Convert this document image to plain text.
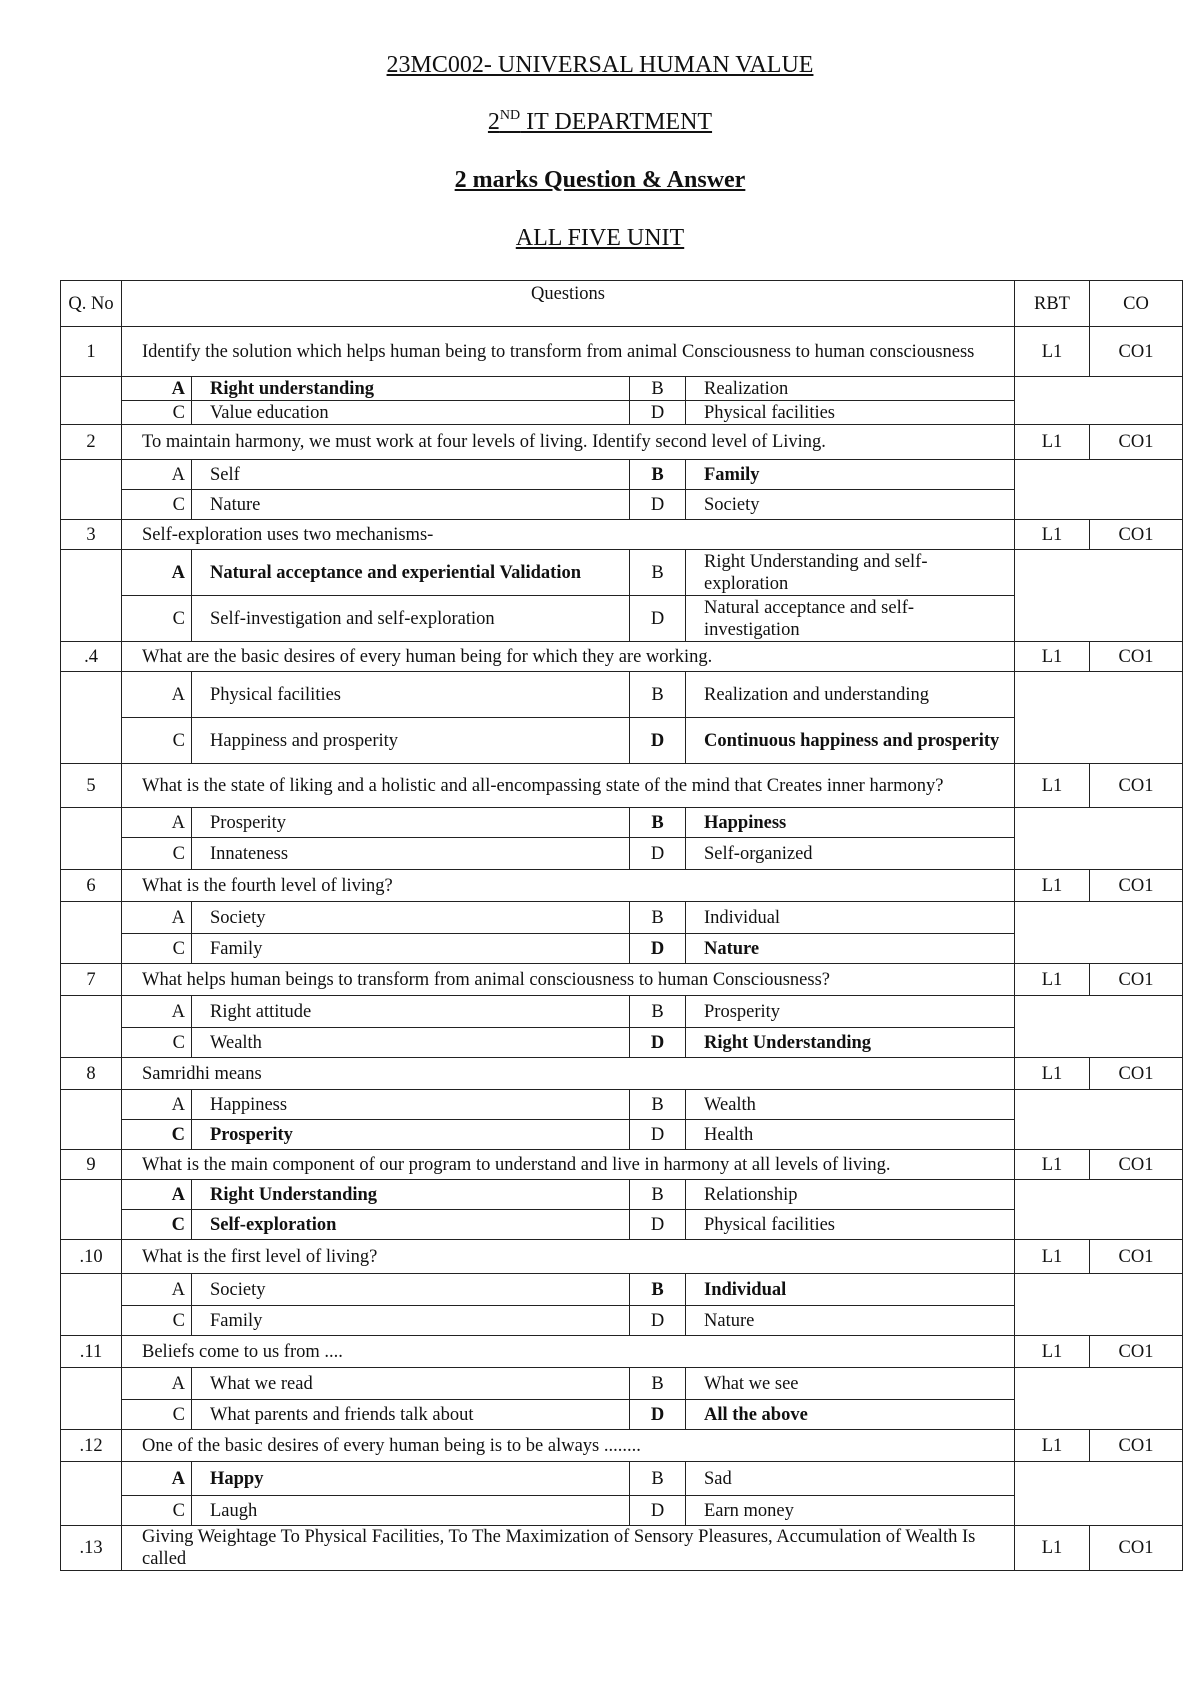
23MC002- UNIVERSAL HUMAN VALUE
2ND IT DEPARTMENT
2 marks Question & Answer
ALL FIVE UNIT
Q. No	Questions				RBT	CO
1	Identify the solution which helps human being to transform from animal Consciousness to human consciousness				L1	CO1
	A	Right understanding	B	Realization		
	C	Value education	D	Physical facilities		
2	To maintain harmony, we must work at four levels of living. Identify second level of Living.				L1	CO1
	A	Self	B	Family		
	C	Nature	D	Society		
3	Self-exploration uses two mechanisms-				L1	CO1
	A	Natural acceptance and experiential Validation	B	Right Understanding and self-exploration		
	C	Self-investigation and self-exploration	D	Natural acceptance and self-investigation		
.4	What are the basic desires of every human being for which they are working.				L1	CO1
	A	Physical facilities	B	Realization and understanding		
	C	Happiness and prosperity	D	Continuous happiness and prosperity		
5	What is the state of liking and a holistic and all-encompassing state of the mind that Creates inner harmony?				L1	CO1
	A	Prosperity	B	Happiness		
	C	Innateness	D	Self-organized		
6	What is the fourth level of living?				L1	CO1
	A	Society	B	Individual		
	C	Family	D	Nature		
7	What helps human beings to transform from animal consciousness to human Consciousness?				L1	CO1
	A	Right attitude	B	Prosperity		
	C	Wealth	D	Right Understanding		
8	Samridhi means				L1	CO1
	A	Happiness	B	Wealth		
	C	Prosperity	D	Health		
9	What is the main component of our program to understand and live in harmony at all levels of living.				L1	CO1
	A	Right Understanding	B	Relationship		
	C	Self-exploration	D	Physical facilities		
.10	What is the first level of living?				L1	CO1
	A	Society	B	Individual		
	C	Family	D	Nature		
.11	Beliefs come to us from ....				L1	CO1
	A	What we read	B	What we see		
	C	What parents and friends talk about	D	All the above		
.12	One of the basic desires of every human being is to be always ........				L1	CO1
	A	Happy	B	Sad		
	C	Laugh	D	Earn money		
.13	Giving Weightage To Physical Facilities, To The Maximization of Sensory Pleasures, Accumulation of Wealth Is called				L1	CO1
